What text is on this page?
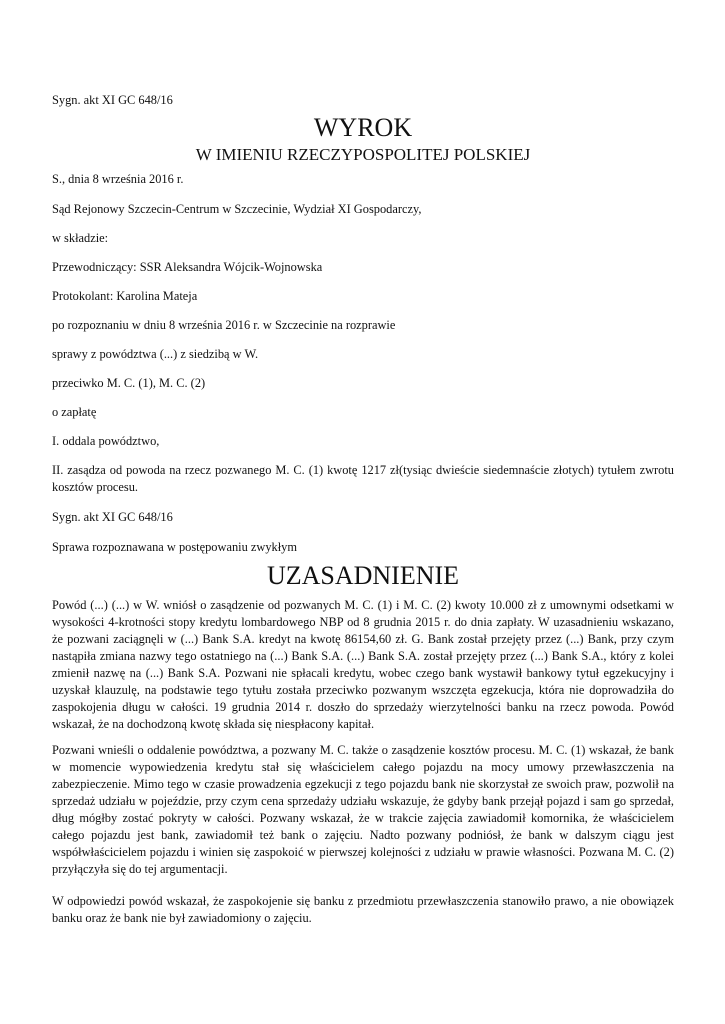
Sygn. akt XI GC 648/16

WYROK
W IMIENIU RZECZYPOSPOLITEJ POLSKIEJ

S., dnia 8 września 2016 r.

Sąd Rejonowy Szczecin-Centrum w Szczecinie, Wydział XI Gospodarczy,

w składzie:

Przewodniczący: SSR Aleksandra Wójcik-Wojnowska

Protokolant: Karolina Mateja

po rozpoznaniu w dniu 8 września 2016 r. w Szczecinie na rozprawie

sprawy z powództwa (...) z siedzibą w W.

przeciwko M. C. (1), M. C. (2)

o zapłatę

I. oddala powództwo,

II. zasądza od powoda na rzecz pozwanego M. C. (1) kwotę 1217 zł(tysiąc dwieście siedemnaście złotych) tytułem zwrotu kosztów procesu.

Sygn. akt XI GC 648/16

Sprawa rozpoznawana w postępowaniu zwykłym

UZASADNIENIE

Powód (...) (...) w W. wniósł o zasądzenie od pozwanych M. C. (1) i M. C. (2) kwoty 10.000 zł z umownymi odsetkami w wysokości 4-krotności stopy kredytu lombardowego NBP od 8 grudnia 2015 r. do dnia zapłaty. W uzasadnieniu wskazano, że pozwani zaciągnęli w (...) Bank S.A. kredyt na kwotę 86154,60 zł. G. Bank został przejęty przez (...) Bank, przy czym nastąpiła zmiana nazwy tego ostatniego na (...) Bank S.A. (...) Bank S.A. został przejęty przez (...) Bank S.A., który z kolei zmienił nazwę na (...) Bank S.A. Pozwani nie spłacali kredytu, wobec czego bank wystawił bankowy tytuł egzekucyjny i uzyskał klauzulę, na podstawie tego tytułu została przeciwko pozwanym wszczęta egzekucja, która nie doprowadziła do zaspokojenia długu w całości. 19 grudnia 2014 r. doszło do sprzedaży wierzytelności banku na rzecz powoda. Powód wskazał, że na dochodzoną kwotę składa się niespłacony kapitał.

Pozwani wnieśli o oddalenie powództwa, a pozwany M. C. także o zasądzenie kosztów procesu. M. C. (1) wskazał, że bank w momencie wypowiedzenia kredytu stał się właścicielem całego pojazdu na mocy umowy przewłaszczenia na zabezpieczenie. Mimo tego w czasie prowadzenia egzekucji z tego pojazdu bank nie skorzystał ze swoich praw, pozwolił na sprzedaż udziału w pojeździe, przy czym cena sprzedaży udziału wskazuje, że gdyby bank przejął pojazd i sam go sprzedał, dług mógłby zostać pokryty w całości. Pozwany wskazał, że w trakcie zajęcia zawiadomił komornika, że właścicielem całego pojazdu jest bank, zawiadomił też bank o zajęciu. Nadto pozwany podniósł, że bank w dalszym ciągu jest współwłaścicielem pojazdu i winien się zaspokoić w pierwszej kolejności z udziału w prawie własności. Pozwana M. C. (2) przyłączyła się do tej argumentacji.

W odpowiedzi powód wskazał, że zaspokojenie się banku z przedmiotu przewłaszczenia stanowiło prawo, a nie obowiązek banku oraz że bank nie był zawiadomiony o zajęciu.
